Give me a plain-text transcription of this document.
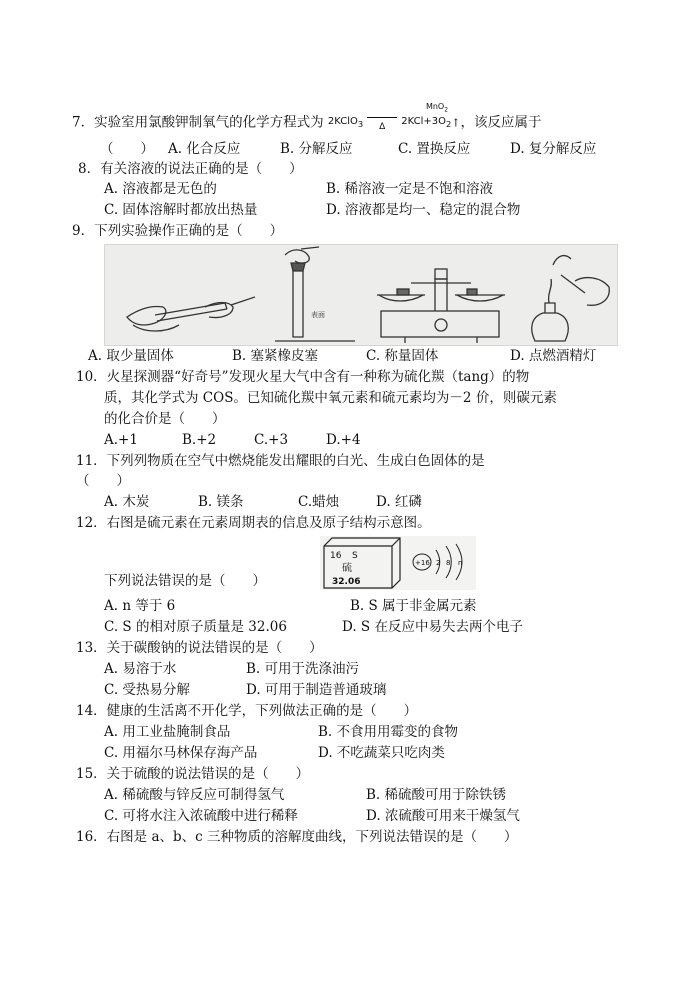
7．实验室用氯酸钾制氧气的化学方程式为 2KClO$_3$	Δ	$2KCl+3O_2↑$，该反应属于
MnO$_2$
（　　） A. 化合反应	B. 分解反应	C. 置换反应	D. 复分解反应
8．有关溶液的说法正确的是（　　）
A. 溶液都是无色的	B. 稀溶液一定是不饱和溶液
C. 固体溶解时都放出热量	D. 溶液都是均一、稳定的混合物
9．下列实验操作正确的是（　　）
表面
A. 取少量固体	B. 塞紧橡皮塞	C. 称量固体	D. 点燃酒精灯
10．火星探测器“好奇号”发现火星大气中含有一种称为硫化羰（tang）的物
质，其化学式为 COS。已知硫化羰中氧元素和硫元素均为－2 价，则碳元素
的化合价是（　　）
A.+1	B.+2	C.+3	D.+4
11．下列列物质在空气中燃烧能发出耀眼的白光、生成白色固体的是
（　　）
A. 木炭	B. 镁条	C.蜡烛	D. 红磷
12．右图是硫元素在元素周期表的信息及原子结构示意图。
16 S
硫
32.06
+16 2 8 n
下列说法错误的是（　　）
A. n 等于 6	B. S 属于非金属元素
C. S 的相对原子质量是 32.06	D. S 在反应中易失去两个电子
13．关于碳酸钠的说法错误的是（　　）
A. 易溶于水	B. 可用于洗涤油污
C. 受热易分解	D. 可用于制造普通玻璃
14．健康的生活离不开化学，下列做法正确的是（　　）
A. 用工业盐腌制食品	B. 不食用用霉变的食物
C. 用福尔马林保存海产品	D. 不吃蔬菜只吃肉类
15．关于硫酸的说法错误的是（　　）
A. 稀硫酸与锌反应可制得氢气	B. 稀硫酸可用于除铁锈
C. 可将水注入浓硫酸中进行稀释	D. 浓硫酸可用来干燥氢气
16．右图是 a、b、c 三种物质的溶解度曲线，下列说法错误的是（　　）
